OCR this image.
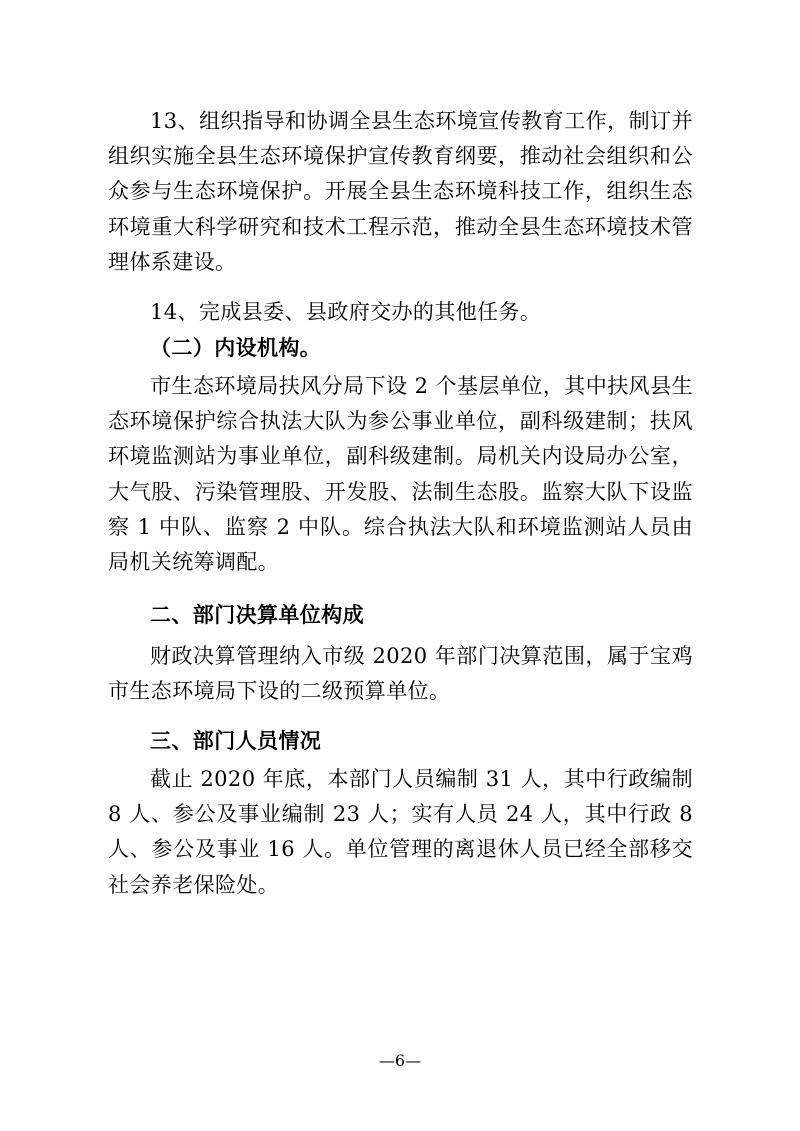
13、组织指导和协调全县生态环境宣传教育工作，制订并组织实施全县生态环境保护宣传教育纲要，推动社会组织和公众参与生态环境保护。开展全县生态环境科技工作，组织生态环境重大科学研究和技术工程示范，推动全县生态环境技术管理体系建设。

14、完成县委、县政府交办的其他任务。

（二）内设机构。

市生态环境局扶风分局下设 2 个基层单位，其中扶风县生态环境保护综合执法大队为参公事业单位，副科级建制；扶风环境监测站为事业单位，副科级建制。局机关内设局办公室，大气股、污染管理股、开发股、法制生态股。监察大队下设监察 1 中队、监察 2 中队。综合执法大队和环境监测站人员由局机关统筹调配。

二、部门决算单位构成

财政决算管理纳入市级 2020 年部门决算范围，属于宝鸡市生态环境局下设的二级预算单位。

三、部门人员情况

截止 2020 年底，本部门人员编制 31 人，其中行政编制 8 人、参公及事业编制 23 人；实有人员 24 人，其中行政 8 人、参公及事业 16 人。单位管理的离退休人员已经全部移交社会养老保险处。

—6—
